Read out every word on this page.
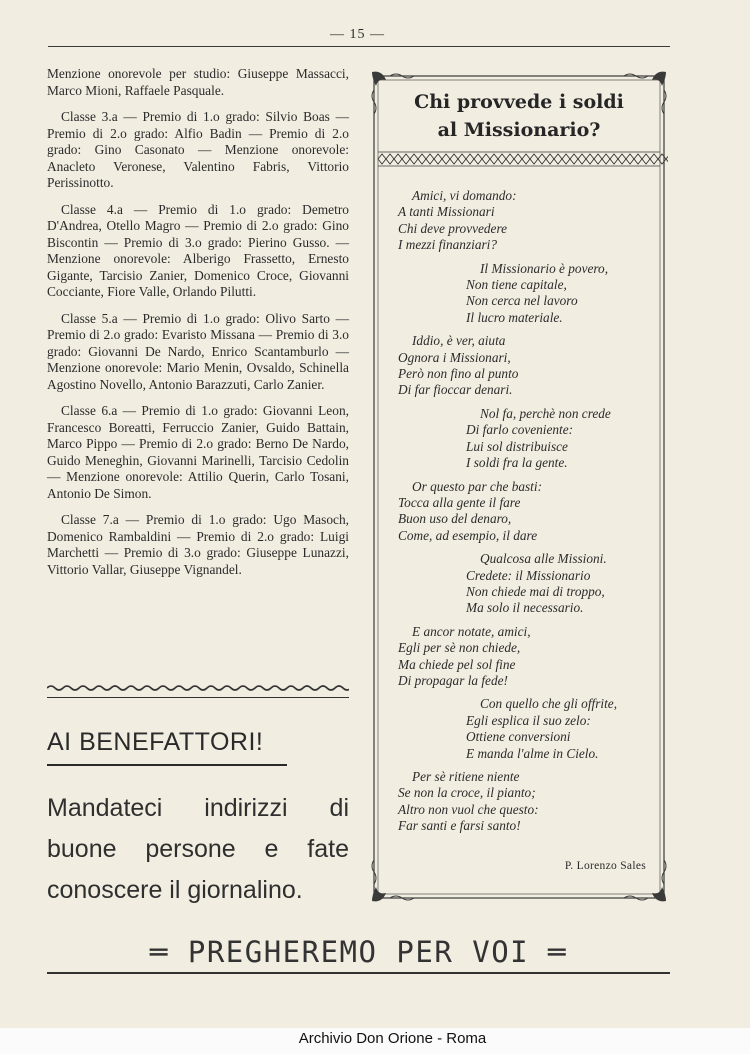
— 15 —

Menzione onorevole per studio: Giuseppe Massacci, Marco Mioni, Raffaele Pasquale.

Classe 3.a — Premio di 1.o grado: Silvio Boas — Premio di 2.o grado: Alfio Badin — Premio di 2.o grado: Gino Casonato — Menzione onorevole: Anacleto Veronese, Valentino Fabris, Vittorio Perissinotto.

Classe 4.a — Premio di 1.o grado: Demetro D'Andrea, Otello Magro — Premio di 2.o grado: Gino Biscontin — Premio di 3.o grado: Pierino Gusso. — Menzione onorevole: Alberigo Frassetto, Ernesto Gigante, Tarcisio Zanier, Domenico Croce, Giovanni Cocciante, Fiore Valle, Orlando Pilutti.

Classe 5.a — Premio di 1.o grado: Olivo Sarto — Premio di 2.o grado: Evaristo Missana — Premio di 3.o grado: Giovanni De Nardo, Enrico Scantamburlo — Menzione onorevole: Mario Menin, Ovsaldo, Schinella Agostino Novello, Antonio Barazzuti, Carlo Zanier.

Classe 6.a — Premio di 1.o grado: Giovanni Leon, Francesco Boreatti, Ferruccio Zanier, Guido Battain, Marco Pippo — Premio di 2.o grado: Berno De Nardo, Guido Meneghin, Giovanni Marinelli, Tarcisio Cedolin — Menzione onorevole: Attilio Querin, Carlo Tosani, Antonio De Simon.

Classe 7.a — Premio di 1.o grado: Ugo Masoch, Domenico Rambaldini — Premio di 2.o grado: Luigi Marchetti — Premio di 3.o grado: Giuseppe Lunazzi, Vittorio Vallar, Giuseppe Vignandel.

AI BENEFATTORI!
Mandateci indirizzi di buone persone e fate conoscere il giornalino.
Chi provvede i soldi
al Missionario?
Amici, vi domando:
A tanti Missionari
Chi deve provvedere
I mezzi finanziari?
Il Missionario è povero,
Non tiene capitale,
Non cerca nel lavoro
Il lucro materiale.
Iddio, è ver, aiuta
Ognora i Missionari,
Però non fino al punto
Di far fioccar denari.
Nol fa, perchè non crede
Di farlo coveniente:
Lui sol distribuisce
I soldi fra la gente.
Or questo par che basti:
Tocca alla gente il fare
Buon uso del denaro,
Come, ad esempio, il dare
Qualcosa alle Missioni.
Credete: il Missionario
Non chiede mai di troppo,
Ma solo il necessario.
E ancor notate, amici,
Egli per sè non chiede,
Ma chiede pel sol fine
Di propagar la fede!
Con quello che gli offrite,
Egli esplica il suo zelo:
Ottiene conversioni
E manda l'alme in Cielo.
Per sè ritiene niente
Se non la croce, il pianto;
Altro non vuol che questo:
Far santi e farsi santo!
P. Lorenzo Sales
═ PREGHEREMO PER VOI ═
Archivio Don Orione - Roma
